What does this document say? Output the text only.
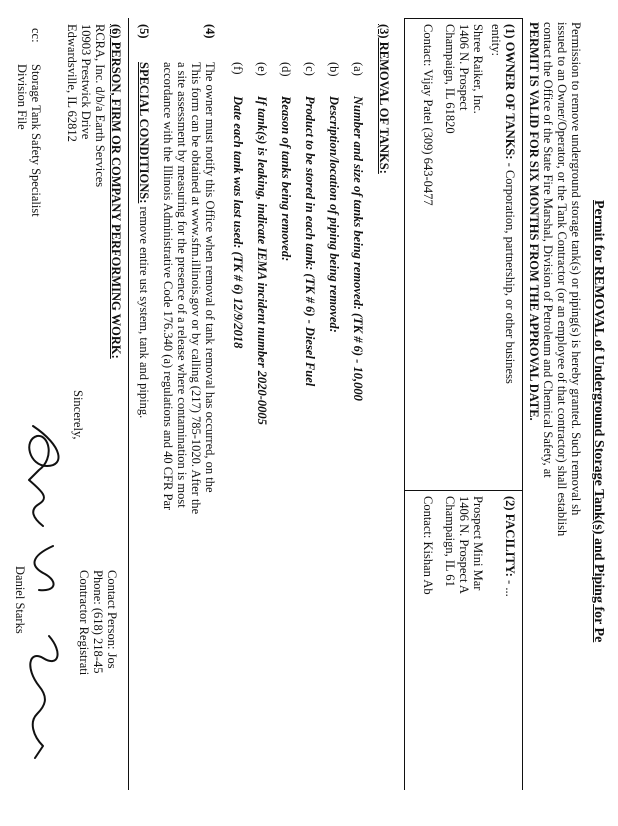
Permit for REMOVAL of Underground Storage Tank(s) and Piping for Pe
Permission to remove underground storage tank(s) or piping(s) is hereby granted. Such removal sh
issued to an Owner/Operator, or the Tank Contractor (or an employee of that contractor) shall establish
contact the Office of the State Fire Marshal, Division of Petroleum and Chemical Safety, at
PERMIT IS VALID FOR SIX MONTHS FROM THE APPROVAL DATE.
(1) OWNER OF TANKS: - Corporation, partnership, or other business
entity:
Shree Raiker, Inc.
1406 N. Prospect
Champaign, IL 61820
Contact: Vijay Patel (309) 643-0477
(2) FACILITY: - ...
Prospect Mini Mar
1406 N. Prospect A
Champaign, IL 61
Contact: Kishan Ab
(3) REMOVAL OF TANKS:
(a)
Number and size of tanks being removed: (TK # 6) - 10,000
(b)
Description/location of piping being removed:
(c)
Product to be stored in each tank: (TK # 6) - Diesel Fuel
(d)
Reason of tanks being removed:
(e)
If tank(s) is leaking, indicate IEMA incident number 2020-0005
(f)
Date each tank was last used: (TK # 6) 12/9/2018
(4)
The owner must notify this Office when removal of tank removal has occurred, on the
This form can be obtained at www.sfm.illinois.gov or by calling (217) 785-1020. After the
a site assessment by measuring for the presence of a release where contamination is most
accordance with the Illinois Administrative Code 176.340 (a) regulations and 40 CFR Par
(5)
SPECIAL CONDITIONS: remove entire ust system, tank and piping.
(6) PERSON, FIRM OR COMPANY PERFORMING WORK:
RCRA, Inc. d/b/a Earth Services
10903 Prestwick Drive
Edwardsville, IL 62812
Contact Person: Jos
Phone: (618) 218-45
Contractor Registrati
Sincerely,
Daniel Starks
cc:
Storage Tank Safety Specialist
Division File
